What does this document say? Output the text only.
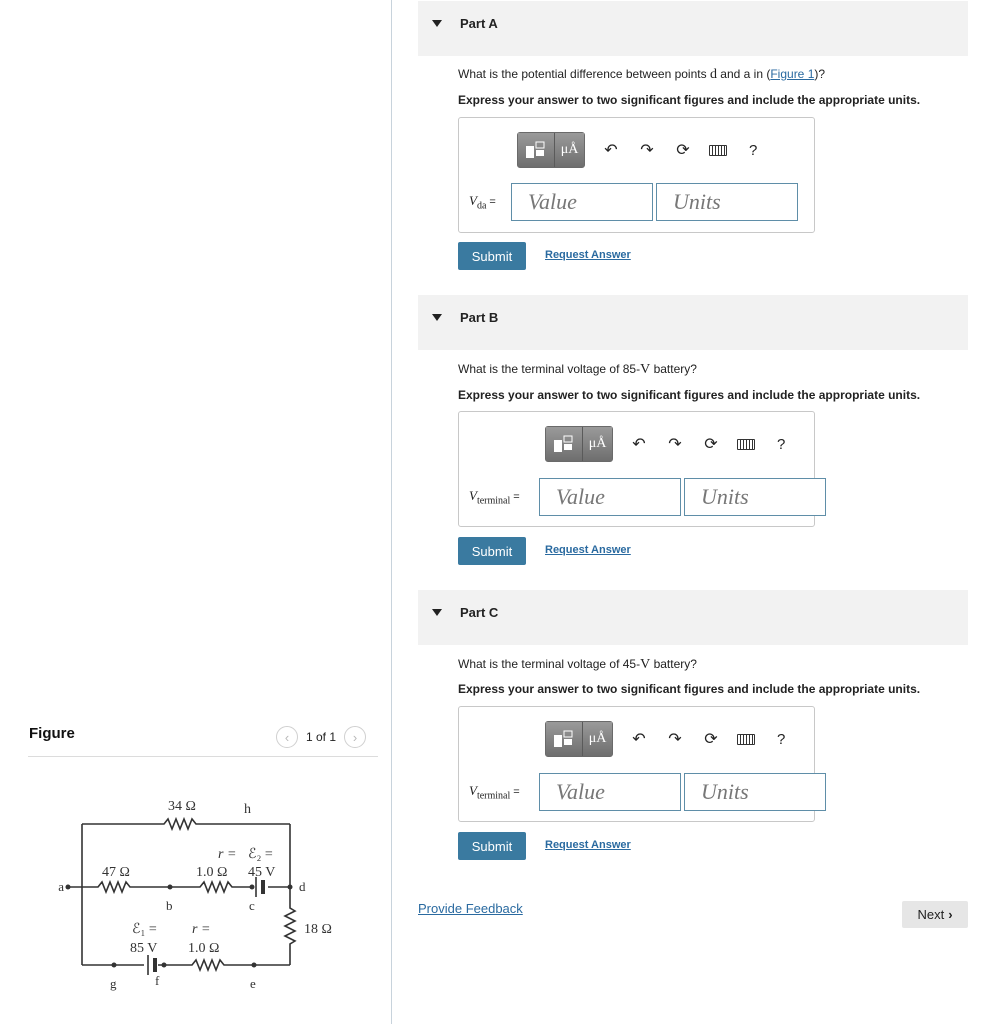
Figure	‹ 1 of 1 ›
34 Ω	h
47 Ω
a
b
r =
1.0 Ω
ℰ₂ =
45 V
c
d
18 Ω
ℰ₁ =
85 V
r =
1.0 Ω
g	f	e
Part A
What is the potential difference between points d and a in (Figure 1)?
Express your answer to two significant figures and include the appropriate units.
μÅ	↶ ↷ ⟳	?
$V_{da}$ =	Value	Units
Submit	Request Answer
Part B
What is the terminal voltage of 85-V battery?
Express your answer to two significant figures and include the appropriate units.
μÅ	↶ ↷ ⟳	?
$V_{terminal}$ =	Value	Units
Submit	Request Answer
Part C
What is the terminal voltage of 45-V battery?
Express your answer to two significant figures and include the appropriate units.
μÅ	↶ ↷ ⟳	?
$V_{terminal}$ =	Value	Units
Submit	Request Answer
Provide Feedback	Next ›
